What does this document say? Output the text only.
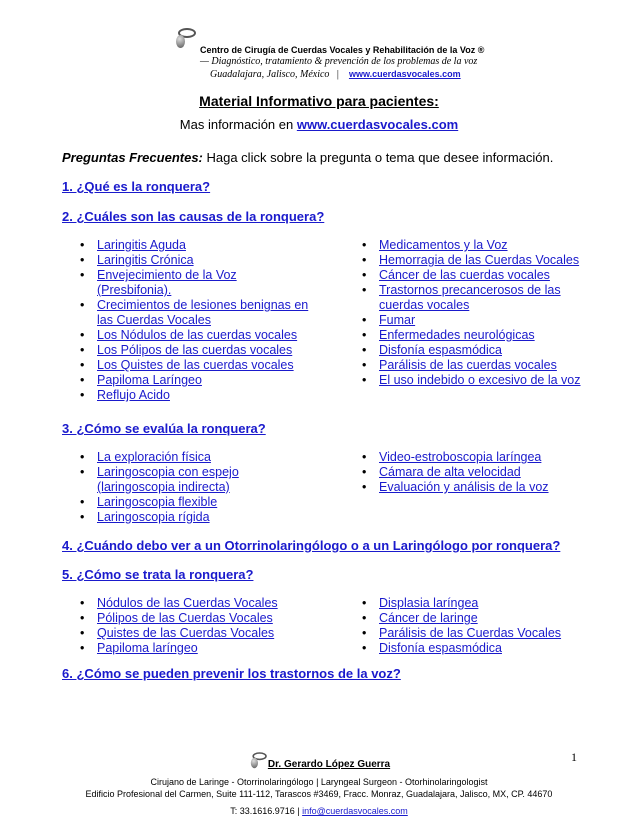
Centro de Cirugía de Cuerdas Vocales y Rehabilitación de la Voz ®
— Diagnóstico, tratamiento & prevención de los problemas de la voz
Guadalajara, Jalisco, México | www.cuerdasvocales.com
Material Informativo para pacientes:
Mas información en www.cuerdasvocales.com
Preguntas Frecuentes: Haga click sobre la pregunta o tema que desee información.
1. ¿Qué es la ronquera?
2. ¿Cuáles son las causas de la ronquera?
• Laringitis Aguda
• Laringitis Crónica
• Envejecimiento de la Voz (Presbifonia).
• Crecimientos de lesiones benignas en las Cuerdas Vocales
• Los Nódulos de las cuerdas vocales
• Los Pólipos de las cuerdas vocales
• Los Quistes de las cuerdas vocales
• Papiloma Laríngeo
• Reflujo Acido
• Medicamentos y la Voz
• Hemorragia de las Cuerdas Vocales
• Cáncer de las cuerdas vocales
• Trastornos precancerosos de las cuerdas vocales
• Fumar
• Enfermedades neurológicas
• Disfonía espasmódica
• Parálisis de las cuerdas vocales
• El uso indebido o excesivo de la voz
3. ¿Cómo se evalúa la ronquera?
• La exploración física
• Laringoscopia con espejo (laringoscopia indirecta)
• Laringoscopia flexible
• Laringoscopia rígida
• Video-estroboscopia laríngea
• Cámara de alta velocidad
• Evaluación y análisis de la voz
4. ¿Cuándo debo ver a un Otorrinolaringólogo o a un Laringólogo por ronquera?
5. ¿Cómo se trata la ronquera?
• Nódulos de las Cuerdas Vocales
• Pólipos de las Cuerdas Vocales
• Quistes de las Cuerdas Vocales
• Papiloma laríngeo
• Displasia laríngea
• Cáncer de laringe
• Parálisis de las Cuerdas Vocales
• Disfonía espasmódica
6. ¿Cómo se pueden prevenir los trastornos de la voz?
1
Dr. Gerardo López Guerra
Cirujano de Laringe - Otorrinolaringólogo | Laryngeal Surgeon - Otorhinolaringologist
Edificio Profesional del Carmen, Suite 111-112, Tarascos #3469, Fracc. Monraz, Guadalajara, Jalisco, MX, CP. 44670
T: 33.1616.9716 | info@cuerdasvocales.com
